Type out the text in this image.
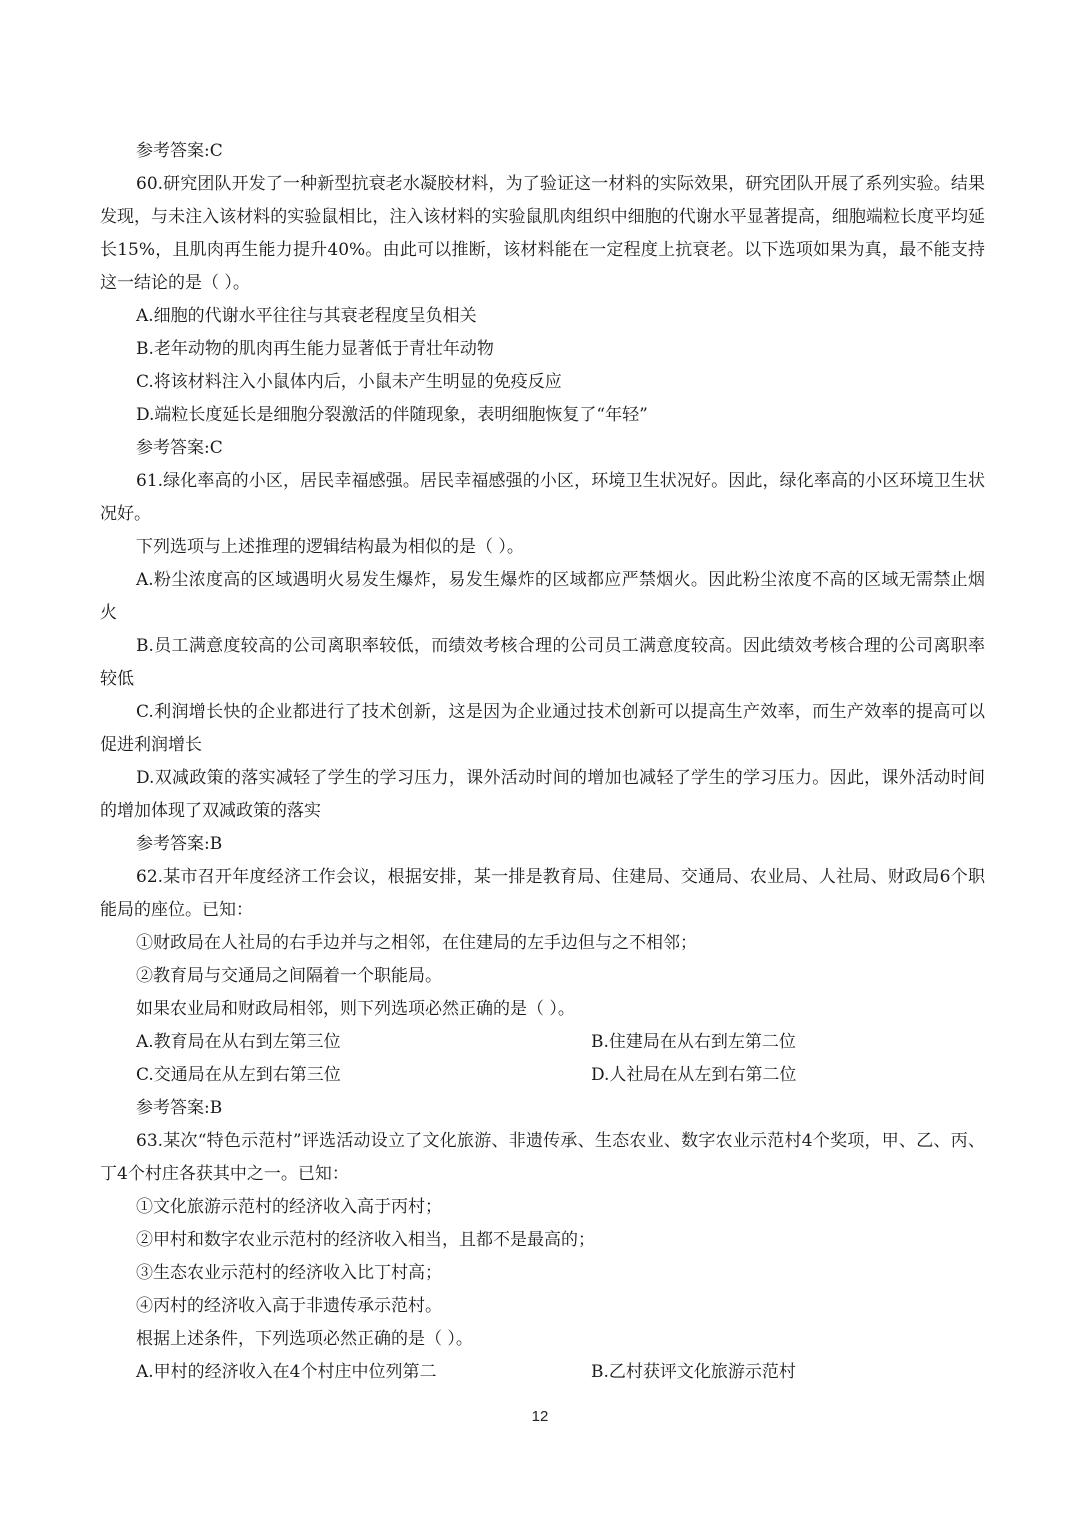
参考答案:C
60.研究团队开发了一种新型抗衰老水凝胶材料，为了验证这一材料的实际效果，研究团队开展了系列实验。结果
发现，与未注入该材料的实验鼠相比，注入该材料的实验鼠肌肉组织中细胞的代谢水平显著提高，细胞端粒长度平均延
长15%，且肌肉再生能力提升40%。由此可以推断，该材料能在一定程度上抗衰老。以下选项如果为真，最不能支持
这一结论的是（ ）。
A.细胞的代谢水平往往与其衰老程度呈负相关
B.老年动物的肌肉再生能力显著低于青壮年动物
C.将该材料注入小鼠体内后，小鼠未产生明显的免疫反应
D.端粒长度延长是细胞分裂激活的伴随现象，表明细胞恢复了“年轻”
参考答案:C
61.绿化率高的小区，居民幸福感强。居民幸福感强的小区，环境卫生状况好。因此，绿化率高的小区环境卫生状
况好。
下列选项与上述推理的逻辑结构最为相似的是（ ）。
A.粉尘浓度高的区域遇明火易发生爆炸，易发生爆炸的区域都应严禁烟火。因此粉尘浓度不高的区域无需禁止烟
火
B.员工满意度较高的公司离职率较低，而绩效考核合理的公司员工满意度较高。因此绩效考核合理的公司离职率
较低
C.利润增长快的企业都进行了技术创新，这是因为企业通过技术创新可以提高生产效率，而生产效率的提高可以
促进利润增长
D.双减政策的落实减轻了学生的学习压力，课外活动时间的增加也减轻了学生的学习压力。因此，课外活动时间
的增加体现了双减政策的落实
参考答案:B
62.某市召开年度经济工作会议，根据安排，某一排是教育局、住建局、交通局、农业局、人社局、财政局6个职
能局的座位。已知：
①财政局在人社局的右手边并与之相邻，在住建局的左手边但与之不相邻；
②教育局与交通局之间隔着一个职能局。
如果农业局和财政局相邻，则下列选项必然正确的是（ ）。
A.教育局在从右到左第三位	B.住建局在从右到左第二位
C.交通局在从左到右第三位	D.人社局在从左到右第二位
参考答案:B
63.某次“特色示范村”评选活动设立了文化旅游、非遗传承、生态农业、数字农业示范村4个奖项，甲、乙、丙、
丁4个村庄各获其中之一。已知：
①文化旅游示范村的经济收入高于丙村；
②甲村和数字农业示范村的经济收入相当，且都不是最高的；
③生态农业示范村的经济收入比丁村高；
④丙村的经济收入高于非遗传承示范村。
根据上述条件，下列选项必然正确的是（ ）。
A.甲村的经济收入在4个村庄中位列第二	B.乙村获评文化旅游示范村
12
